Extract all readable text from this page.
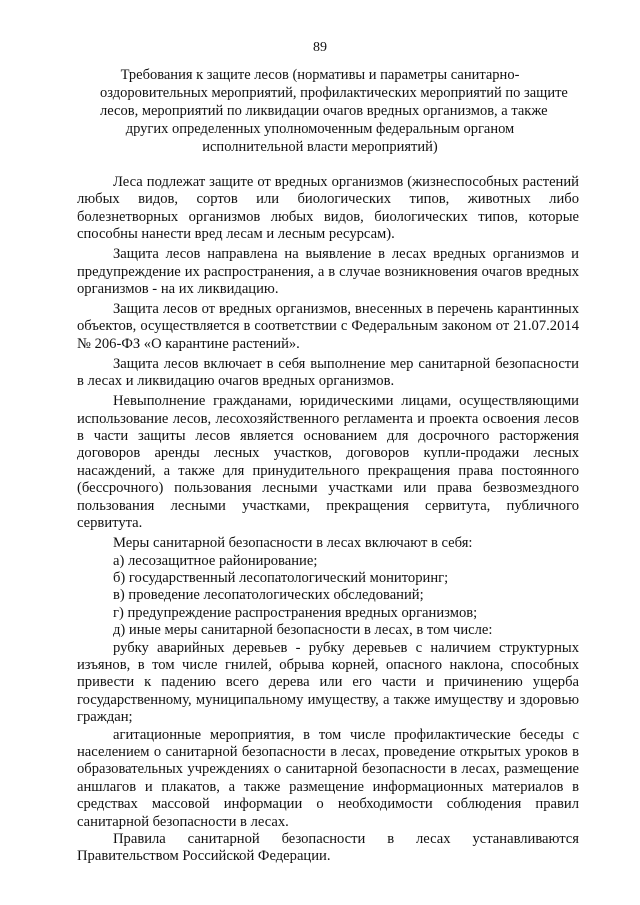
89
Требования к защите лесов (нормативы и параметры санитарно-
оздоровительных мероприятий, профилактических мероприятий по защите
лесов, мероприятий по ликвидации очагов вредных организмов, а также
других определенных уполномоченным федеральным органом
исполнительной власти мероприятий)

Леса подлежат защите от вредных организмов (жизнеспособных растений любых видов, сортов или биологических типов, животных либо болезнетворных организмов любых видов, биологических типов, которые способны нанести вред лесам и лесным ресурсам).

Защита лесов направлена на выявление в лесах вредных организмов и предупреждение их распространения, а в случае возникновения очагов вредных организмов - на их ликвидацию.

Защита лесов от вредных организмов, внесенных в перечень карантинных объектов, осуществляется в соответствии с Федеральным законом от 21.07.2014 № 206-ФЗ «О карантине растений».

Защита лесов включает в себя выполнение мер санитарной безопасности в лесах и ликвидацию очагов вредных организмов.

Невыполнение гражданами, юридическими лицами, осуществляющими использование лесов, лесохозяйственного регламента и проекта освоения лесов в части защиты лесов является основанием для досрочного расторжения договоров аренды лесных участков, договоров купли-продажи лесных насаждений, а также для принудительного прекращения права постоянного (бессрочного) пользования лесными участками или права безвозмездного пользования лесными участками, прекращения сервитута, публичного сервитута.

Меры санитарной безопасности в лесах включают в себя:

а) лесозащитное районирование;

б) государственный лесопатологический мониторинг;

в) проведение лесопатологических обследований;

г) предупреждение распространения вредных организмов;

д) иные меры санитарной безопасности в лесах, в том числе:

рубку аварийных деревьев - рубку деревьев с наличием структурных изъянов, в том числе гнилей, обрыва корней, опасного наклона, способных привести к падению всего дерева или его части и причинению ущерба государственному, муниципальному имуществу, а также имуществу и здоровью граждан;

агитационные мероприятия, в том числе профилактические беседы с населением о санитарной безопасности в лесах, проведение открытых уроков в образовательных учреждениях о санитарной безопасности в лесах, размещение аншлагов и плакатов, а также размещение информационных материалов в средствах массовой информации о необходимости соблюдения правил санитарной безопасности в лесах.

Правила санитарной безопасности в лесах устанавливаются Правительством Российской Федерации.
